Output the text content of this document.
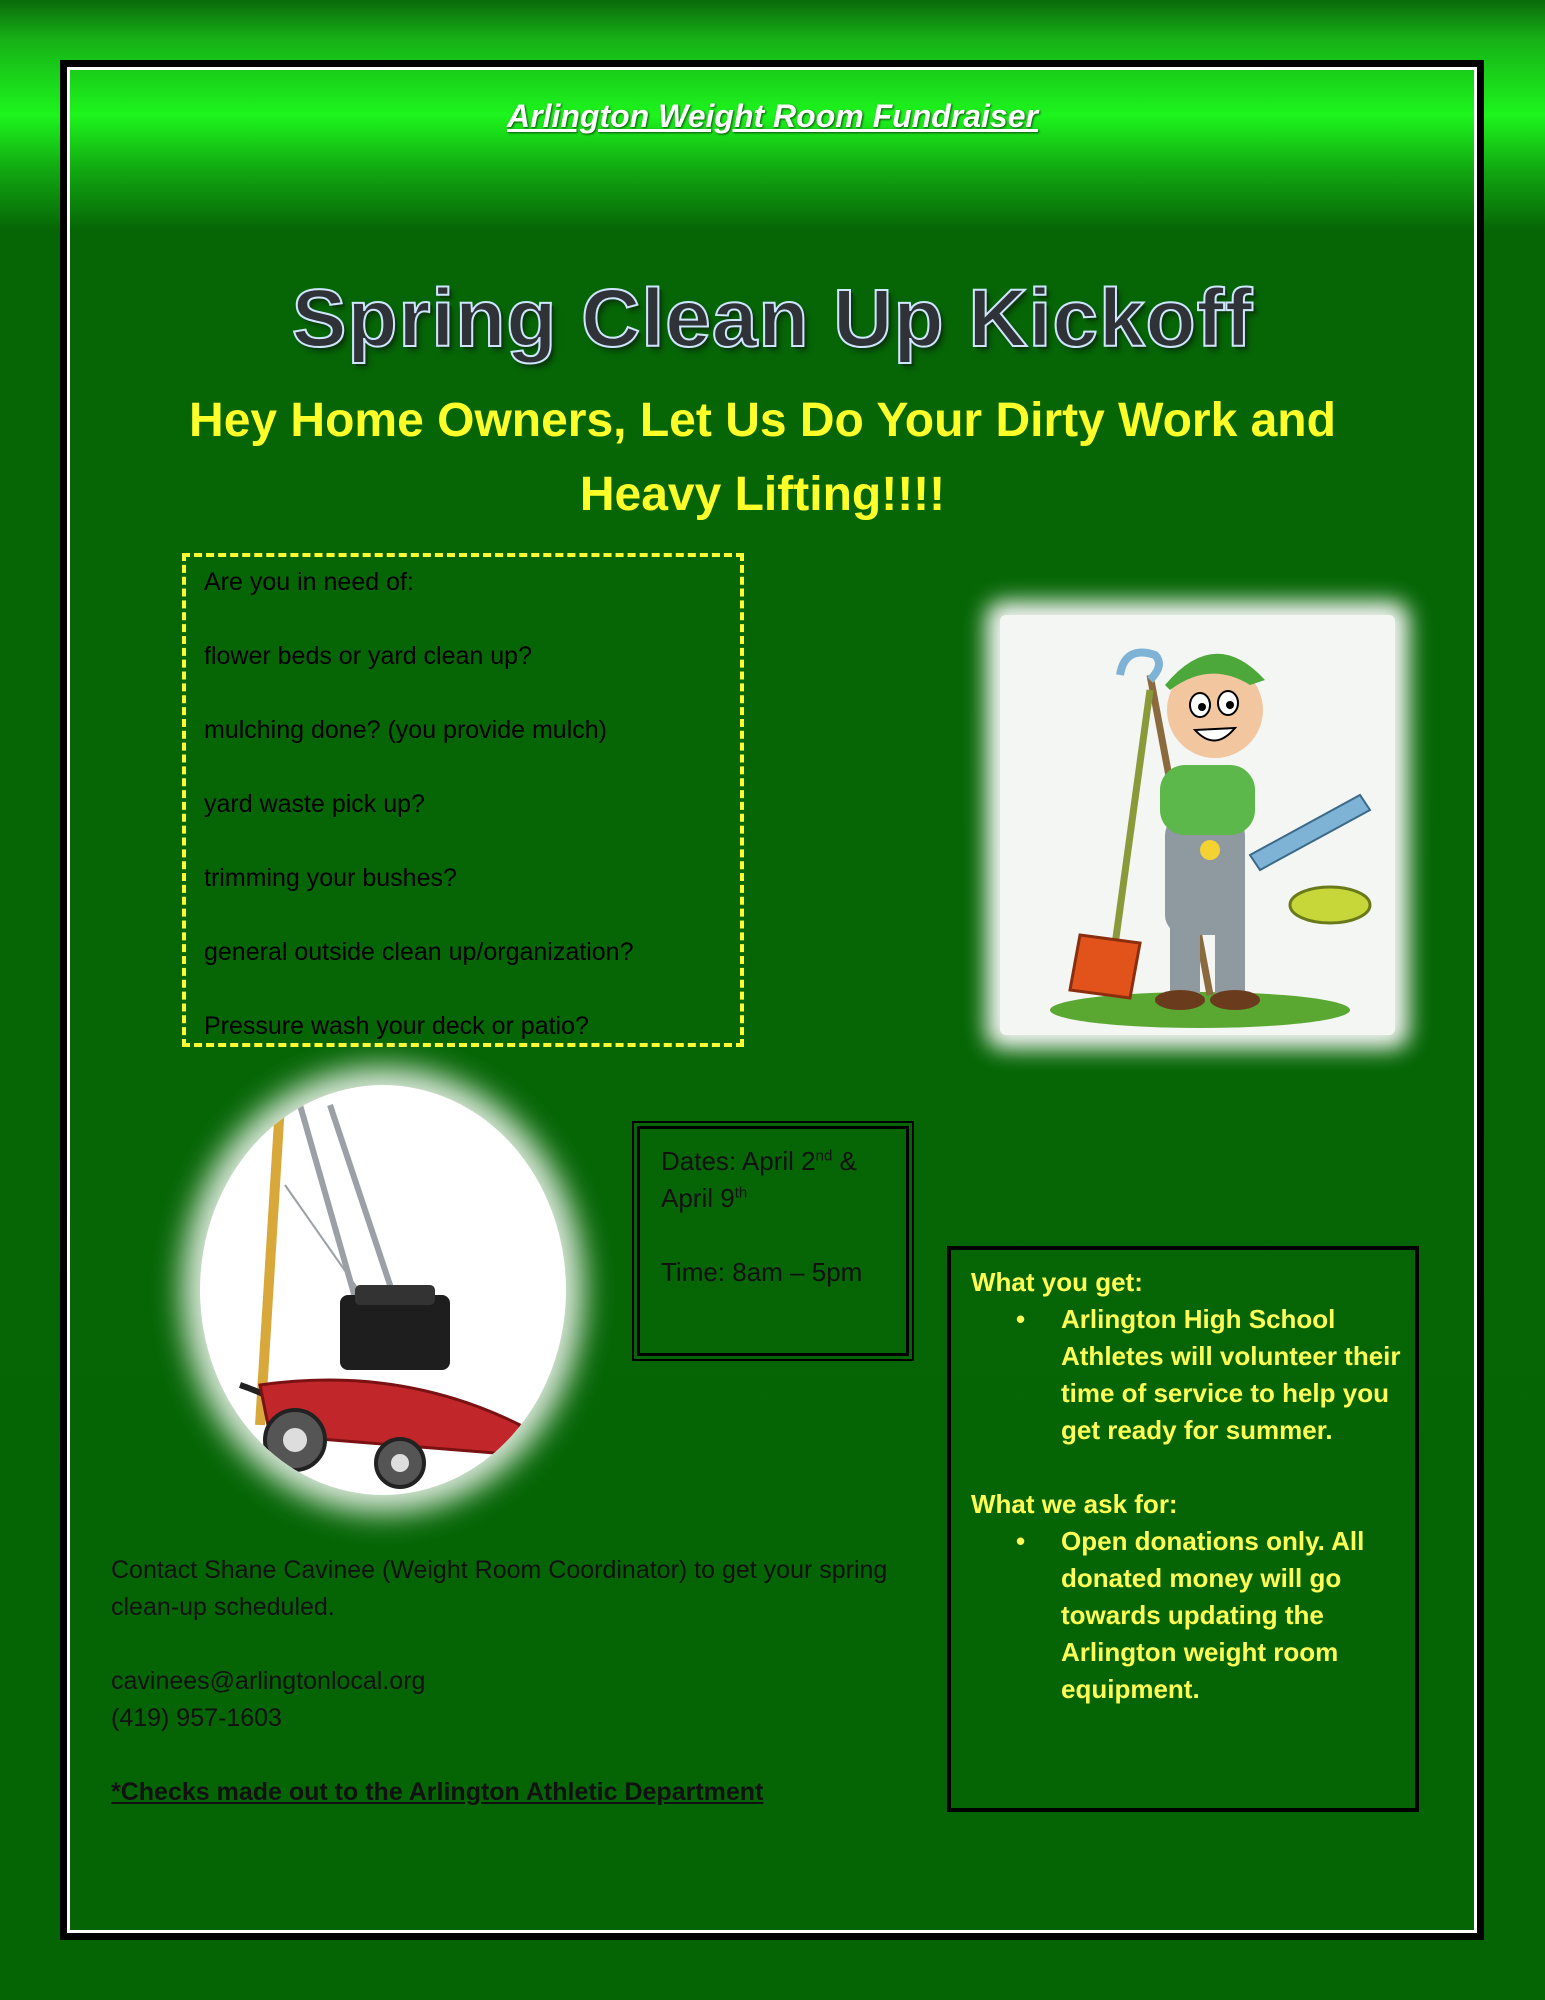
Arlington Weight Room Fundraiser
Spring Clean Up Kickoff
Hey Home Owners, Let Us Do Your Dirty Work and Heavy Lifting!!!!

Are you in need of:

flower beds or yard clean up?

mulching done? (you provide mulch)

yard waste pick up?

trimming your bushes?

general outside clean up/organization?

Pressure wash your deck or patio?

Dates: April 2nd & April 9th
Time: 8am – 5pm	What you get:

• Arlington High School Athletes will volunteer their time of service to help you get ready for summer.

What we ask for:

• Open donations only. All donated money will go towards updating the Arlington weight room equipment.

Contact Shane Cavinee (Weight Room Coordinator) to get your spring clean-up scheduled.

cavinees@arlingtonlocal.org

(419) 957-1603

*Checks made out to the Arlington Athletic Department
